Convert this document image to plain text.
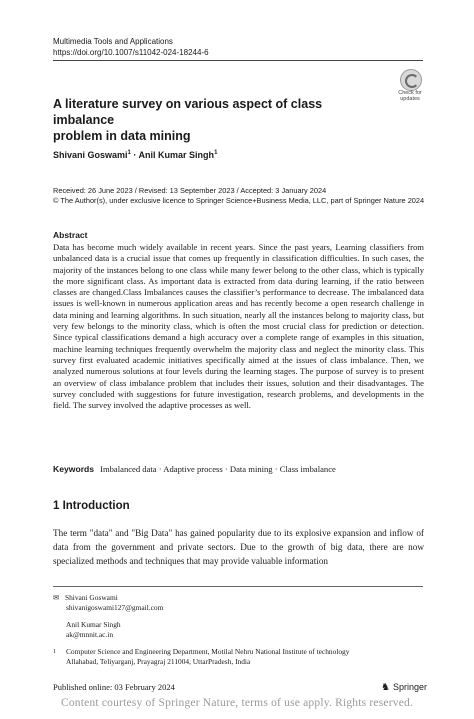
Multimedia Tools and Applications
https://doi.org/10.1007/s11042-024-18244-6
Check for
updates
A literature survey on various aspect of class imbalance
problem in data mining
Shivani Goswami$^1$ · Anil Kumar Singh$^1$
Received: 26 June 2023 / Revised: 13 September 2023 / Accepted: 3 January 2024
© The Author(s), under exclusive licence to Springer Science+Business Media, LLC, part of Springer Nature 2024
Abstract
Data has become much widely available in recent years. Since the past years, Learning classifiers from unbalanced data is a crucial issue that comes up frequently in classification difficulties. In such cases, the majority of the instances belong to one class while many fewer belong to the other class, which is typically the more significant class. As important data is extracted from data during learning, if the ratio between classes are changed.Class Imbalances causes the classifier’s performance to decrease. The imbalanced data issues is well-known in numerous application areas and has recently become a open research challenge in data mining and learning algorithms. In such situation, nearly all the instances belong to majority class, but very few belongs to the minority class, which is often the most crucial class for prediction or detection. Since typical classifications demand a high accuracy over a complete range of examples in this situation, machine learning techniques frequently overwhelm the majority class and neglect the minority class. This survey first evaluated academic initiatives specifically aimed at the issues of class imbalance. Then, we analyzed numerous solutions at four levels during the learning stages. The purpose of survey is to present an overview of class imbalance problem that includes their issues, solution and their disadvantages. The survey concluded with suggestions for future investigation, research problems, and developments in the field. The survey involved the adaptive processes as well.
Keywords Imbalanced data · Adaptive process · Data mining · Class imbalance
1 Introduction
The term "data" and "Big Data" has gained popularity due to its explosive expansion and inflow of data from the government and private sectors. Due to the growth of big data, there are now specialized methods and techniques that may provide valuable information
✉ Shivani Goswami
shivanigoswami127@gmail.com
Anil Kumar Singh
ak@mnnit.ac.in
1 Computer Science and Engineering Department, Motilal Nehru National Institute of technology
Allahabad, Teliyarganj, Prayagraj 211004, UttarPradesh, India
Published online: 03 February 2024	♞ Springer
Content courtesy of Springer Nature, terms of use apply. Rights reserved.
